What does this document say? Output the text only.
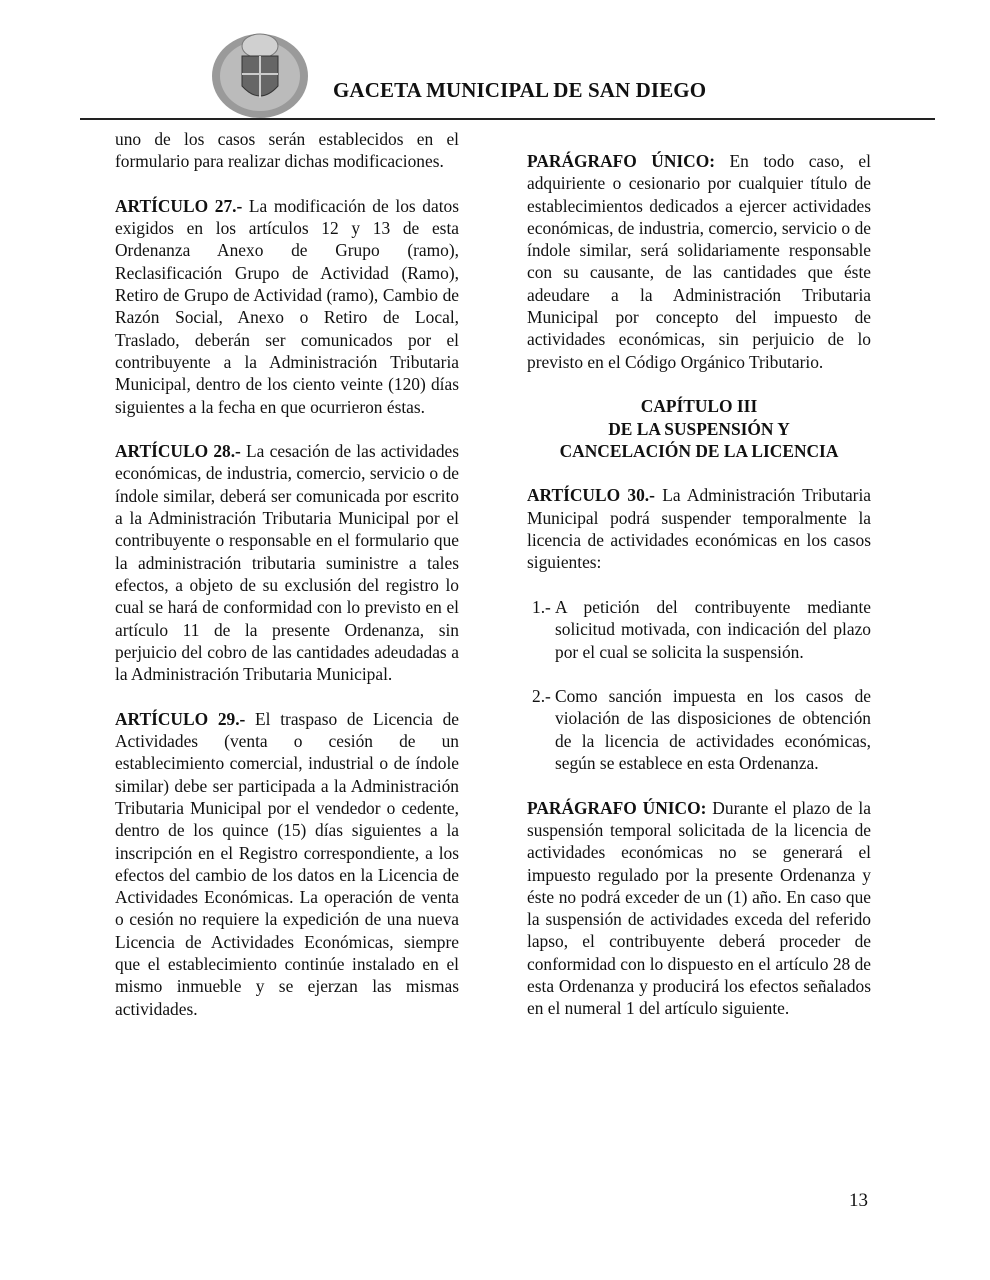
GACETA MUNICIPAL DE SAN DIEGO

uno de los casos serán establecidos en el formulario para realizar dichas modificaciones.

ARTÍCULO 27.- La modificación de los datos exigidos en los artículos 12 y 13 de esta Ordenanza Anexo de Grupo (ramo), Reclasificación Grupo de Actividad (Ramo), Retiro de Grupo de Actividad (ramo), Cambio de Razón Social, Anexo o Retiro de Local, Traslado, deberán ser comunicados por el contribuyente a la Administración Tributaria Municipal, dentro de los ciento veinte (120) días siguientes a la fecha en que ocurrieron éstas.

ARTÍCULO 28.- La cesación de las actividades económicas, de industria, comercio, servicio o de índole similar, deberá ser comunicada por escrito a la Administración Tributaria Municipal por el contribuyente o responsable en el formulario que la administración tributaria suministre a tales efectos, a objeto de su exclusión del registro lo cual se hará de conformidad con lo previsto en el artículo 11 de la presente Ordenanza, sin perjuicio del cobro de las cantidades adeudadas a la Administración Tributaria Municipal.

ARTÍCULO 29.- El traspaso de Licencia de Actividades (venta o cesión de un establecimiento comercial, industrial o de índole similar) debe ser participada a la Administración Tributaria Municipal por el vendedor o cedente, dentro de los quince (15) días siguientes a la inscripción en el Registro correspondiente, a los efectos del cambio de los datos en la Licencia de Actividades Económicas. La operación de venta o cesión no requiere la expedición de una nueva Licencia de Actividades Económicas, siempre que el establecimiento continúe instalado en el mismo inmueble y se ejerzan las mismas actividades.

PARÁGRAFO ÚNICO: En todo caso, el adquiriente o cesionario por cualquier título de establecimientos dedicados a ejercer actividades económicas, de industria, comercio, servicio o de índole similar, será solidariamente responsable con su causante, de las cantidades que éste adeudare a la Administración Tributaria Municipal por concepto del impuesto de actividades económicas, sin perjuicio de lo previsto en el Código Orgánico Tributario.

CAPÍTULO III
DE LA SUSPENSIÓN Y
CANCELACIÓN DE LA LICENCIA

ARTÍCULO 30.- La Administración Tributaria Municipal podrá suspender temporalmente la licencia de actividades económicas en los casos siguientes:

1.- A petición del contribuyente mediante solicitud motivada, con indicación del plazo por el cual se solicita la suspensión.
2.- Como sanción impuesta en los casos de violación de las disposiciones de obtención de la licencia de actividades económicas, según se establece en esta Ordenanza.

PARÁGRAFO ÚNICO: Durante el plazo de la suspensión temporal solicitada de la licencia de actividades económicas no se generará el impuesto regulado por la presente Ordenanza y éste no podrá exceder de un (1) año. En caso que la suspensión de actividades exceda del referido lapso, el contribuyente deberá proceder de conformidad con lo dispuesto en el artículo 28 de esta Ordenanza y producirá los efectos señalados en el numeral 1 del artículo siguiente.

13
